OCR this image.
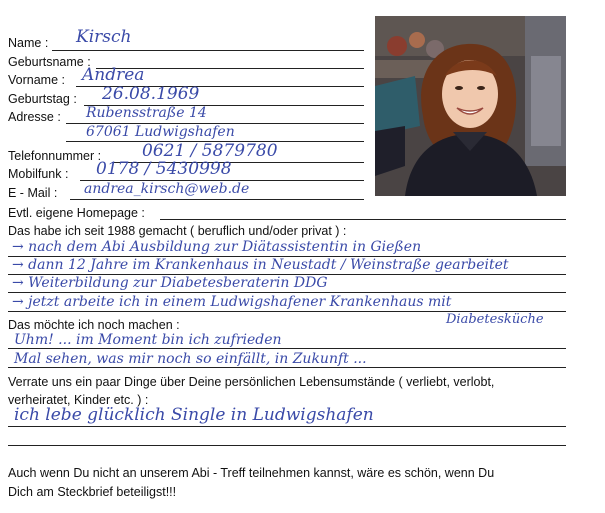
Name : Kirsch
Geburtsname :
Vorname : Andrea
Geburtstag : 26.08.1969
Adresse : Rubensstraße 14
67061 Ludwigshafen
Telefonnummer : 0621 / 5879780
Mobilfunk : 0178 / 5430998
E - Mail : andrea_kirsch@web.de
Evtl. eigene Homepage :
Das habe ich seit 1988 gemacht ( beruflich und/oder privat ) :
→ nach dem Abi Ausbildung zur Diätassistentin in Gießen
→ dann 12 Jahre im Krankenhaus in Neustadt / Weinstraße gearbeitet
→ Weiterbildung zur Diabetesberaterin DDG
→ jetzt arbeite ich in einem Ludwigshafener Krankenhaus mit
Diabetesküche
Das möchte ich noch machen :
Uhm! ... im Moment bin ich zufrieden
Mal sehen, was mir noch so einfällt, in Zukunft ...
Verrate uns ein paar Dinge über Deine persönlichen Lebensumstände ( verliebt, verlobt,
verheiratet, Kinder etc. ) :
ich lebe glücklich Single in Ludwigshafen
Auch wenn Du nicht an unserem Abi - Treff teilnehmen kannst, wäre es schön, wenn Du
Dich am Steckbrief beteiligst!!!
